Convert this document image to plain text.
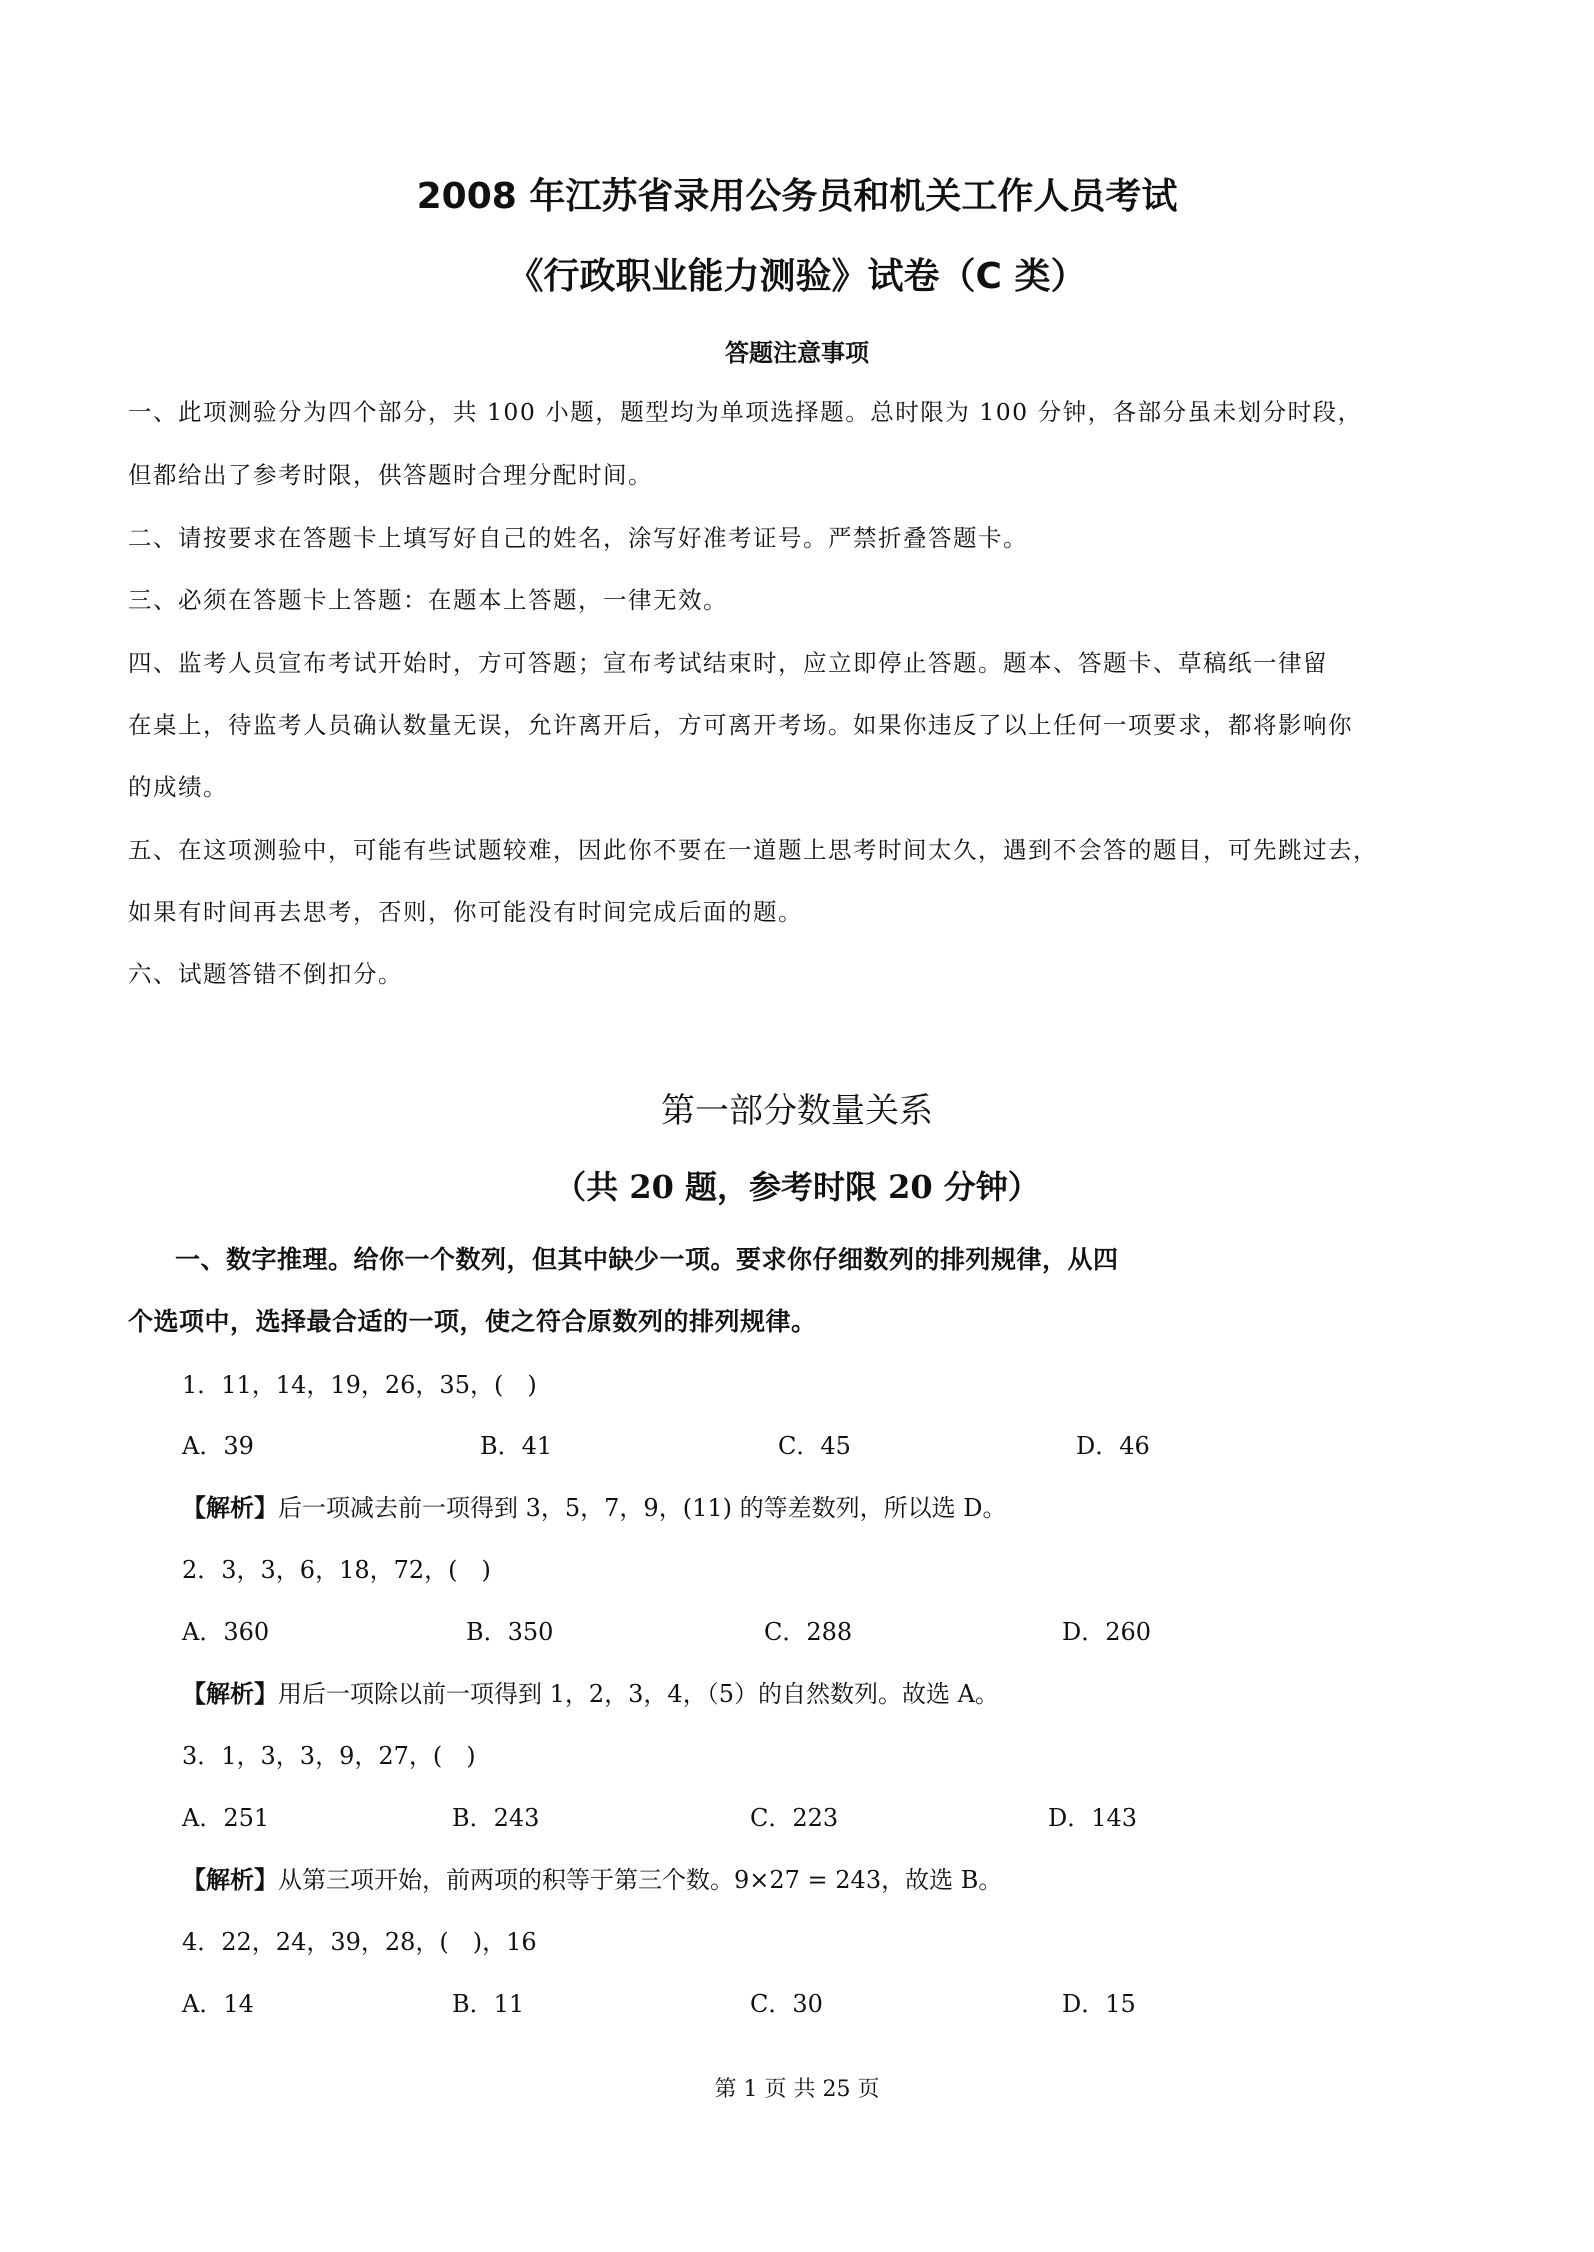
2008 年江苏省录用公务员和机关工作人员考试
《行政职业能力测验》试卷（C 类）
答题注意事项
一、此项测验分为四个部分，共 100 小题，题型均为单项选择题。总时限为 100 分钟，各部分虽未划分时段，
但都给出了参考时限，供答题时合理分配时间。
二、请按要求在答题卡上填写好自己的姓名，涂写好准考证号。严禁折叠答题卡。
三、必须在答题卡上答题：在题本上答题，一律无效。
四、监考人员宣布考试开始时，方可答题；宣布考试结束时，应立即停止答题。题本、答题卡、草稿纸一律留
在桌上，待监考人员确认数量无误，允许离开后，方可离开考场。如果你违反了以上任何一项要求，都将影响你
的成绩。
五、在这项测验中，可能有些试题较难，因此你不要在一道题上思考时间太久，遇到不会答的题目，可先跳过去，
如果有时间再去思考，否则，你可能没有时间完成后面的题。
六、试题答错不倒扣分。
第一部分数量关系
（共 20 题，参考时限 20 分钟）
一、数字推理。给你一个数列，但其中缺少一项。要求你仔细数列的排列规律，从四
个选项中，选择最合适的一项，使之符合原数列的排列规律。
1．11，14，19，26，35，(　)
A．39	B．41	C．45	D．46
【解析】后一项减去前一项得到 3，5，7，9，(11) 的等差数列，所以选 D。
2．3，3，6，18，72，(　)
A．360	B．350	C．288	D．260
【解析】用后一项除以前一项得到 1，2，3，4，（5）的自然数列。故选 A。
3．1，3，3，9，27，(　)
A．251	B．243	C．223	D．143
【解析】从第三项开始，前两项的积等于第三个数。9×27 = 243，故选 B。
4．22，24，39，28，(　)，16
A．14	B．11	C．30	D．15
第 1 页 共 25 页
